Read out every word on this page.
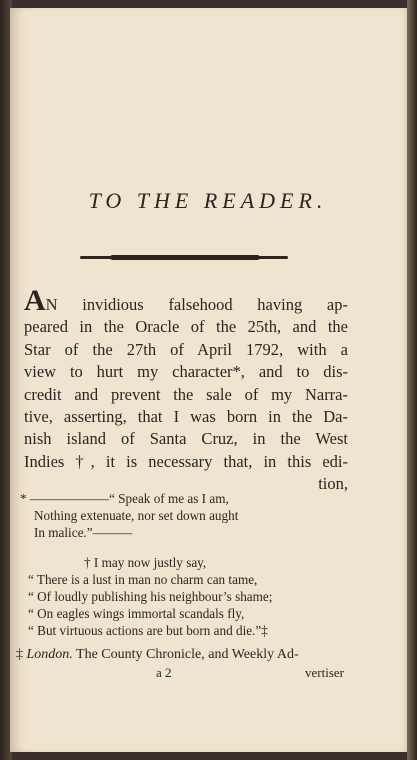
TO THE READER.
AN invidious falsehood having ap-
peared in the Oracle of the 25th, and the
Star of the 27th of April 1792, with a
view to hurt my character*, and to dis-
credit and prevent the sale of my Narra-
tive, asserting, that I was born in the Da-
nish island of Santa Cruz, in the West
Indies †, it is necessary that, in this edi-
tion,
* ——————“ Speak of me as I am,
Nothing extenuate, nor set down aught
In malice.”———
† I may now justly say,
“ There is a lust in man no charm can tame,
“ Of loudly publishing his neighbour’s shame;
“ On eagles wings immortal scandals fly,
“ But virtuous actions are but born and die.”‡
‡ London. The County Chronicle, and Weekly Ad-
a 2	vertiser
